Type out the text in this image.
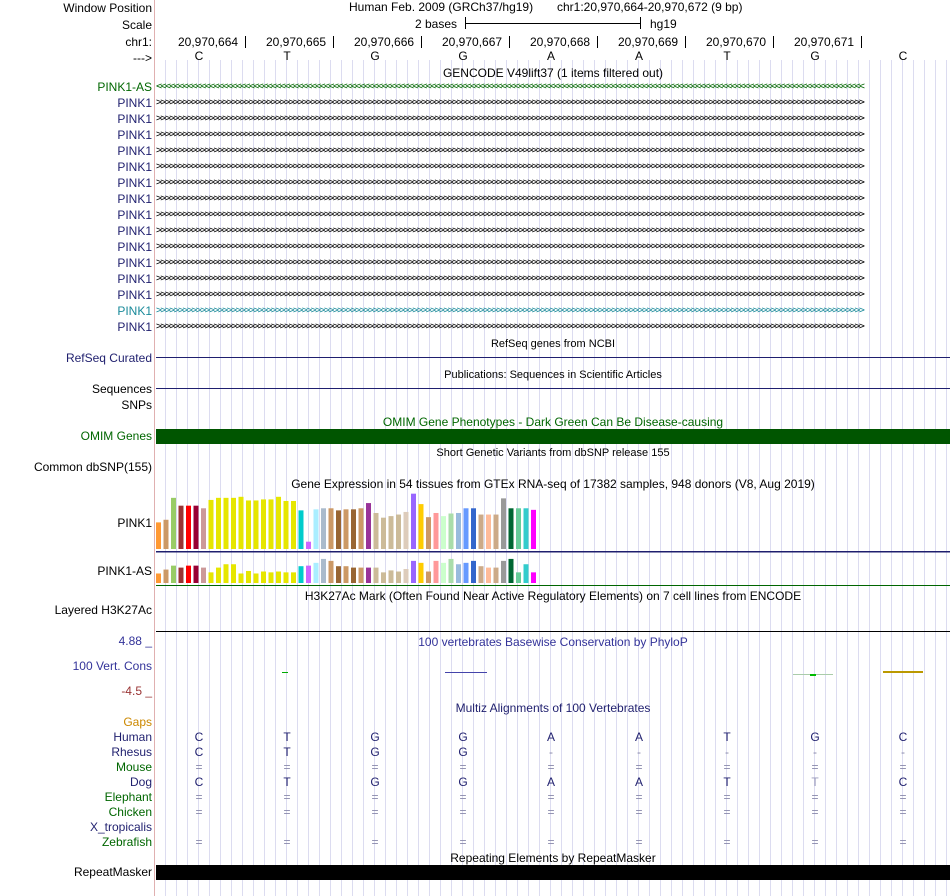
Window Position
Scale
chr1:
--->
Human Feb. 2009 (GRCh37/hg19) chr1:20,970,664-20,970,672 (9 bp)
2 bases	hg19
20,970,664 20,970,665 20,970,666 20,970,667 20,970,668 20,970,669 20,970,670 20,970,671
C	T	G	G	A	A	T	G	C
GENCODE V49lift37 (1 items filtered out)
PINK1-AS <<<<<<<<<<<<<<<<<<<<<<<<<<<<<<<<<<<<<<<<<<<<<<<<<<<<<<<<<<<<<<<<<<<<<<<<<<<<<<<<<<<<<<<<<<<<<<<<<<<<<<<<<<<<<<<<<<<<<<<<<<<<<<<<<<<<<<<<<<<<<<<<<<<<<<<<<<<<<<<<
PINK1 >>>>>>>>>>>>>>>>>>>>>>>>>>>>>>>>>>>>>>>>>>>>>>>>>>>>>>>>>>>>>>>>>>>>>>>>>>>>>>>>>>>>>>>>>>>>>>>>>>>>>>>>>>>>>>>>>>>>>>>>>>>>>>>>>>>>>>>>>>>>>>>>>>>>>>>>>>>>>>>>
PINK1 >>>>>>>>>>>>>>>>>>>>>>>>>>>>>>>>>>>>>>>>>>>>>>>>>>>>>>>>>>>>>>>>>>>>>>>>>>>>>>>>>>>>>>>>>>>>>>>>>>>>>>>>>>>>>>>>>>>>>>>>>>>>>>>>>>>>>>>>>>>>>>>>>>>>>>>>>>>>>>>>
PINK1 >>>>>>>>>>>>>>>>>>>>>>>>>>>>>>>>>>>>>>>>>>>>>>>>>>>>>>>>>>>>>>>>>>>>>>>>>>>>>>>>>>>>>>>>>>>>>>>>>>>>>>>>>>>>>>>>>>>>>>>>>>>>>>>>>>>>>>>>>>>>>>>>>>>>>>>>>>>>>>>>
PINK1 >>>>>>>>>>>>>>>>>>>>>>>>>>>>>>>>>>>>>>>>>>>>>>>>>>>>>>>>>>>>>>>>>>>>>>>>>>>>>>>>>>>>>>>>>>>>>>>>>>>>>>>>>>>>>>>>>>>>>>>>>>>>>>>>>>>>>>>>>>>>>>>>>>>>>>>>>>>>>>>>
PINK1 >>>>>>>>>>>>>>>>>>>>>>>>>>>>>>>>>>>>>>>>>>>>>>>>>>>>>>>>>>>>>>>>>>>>>>>>>>>>>>>>>>>>>>>>>>>>>>>>>>>>>>>>>>>>>>>>>>>>>>>>>>>>>>>>>>>>>>>>>>>>>>>>>>>>>>>>>>>>>>>>
PINK1 >>>>>>>>>>>>>>>>>>>>>>>>>>>>>>>>>>>>>>>>>>>>>>>>>>>>>>>>>>>>>>>>>>>>>>>>>>>>>>>>>>>>>>>>>>>>>>>>>>>>>>>>>>>>>>>>>>>>>>>>>>>>>>>>>>>>>>>>>>>>>>>>>>>>>>>>>>>>>>>>
PINK1 >>>>>>>>>>>>>>>>>>>>>>>>>>>>>>>>>>>>>>>>>>>>>>>>>>>>>>>>>>>>>>>>>>>>>>>>>>>>>>>>>>>>>>>>>>>>>>>>>>>>>>>>>>>>>>>>>>>>>>>>>>>>>>>>>>>>>>>>>>>>>>>>>>>>>>>>>>>>>>>>
PINK1 >>>>>>>>>>>>>>>>>>>>>>>>>>>>>>>>>>>>>>>>>>>>>>>>>>>>>>>>>>>>>>>>>>>>>>>>>>>>>>>>>>>>>>>>>>>>>>>>>>>>>>>>>>>>>>>>>>>>>>>>>>>>>>>>>>>>>>>>>>>>>>>>>>>>>>>>>>>>>>>>
PINK1 >>>>>>>>>>>>>>>>>>>>>>>>>>>>>>>>>>>>>>>>>>>>>>>>>>>>>>>>>>>>>>>>>>>>>>>>>>>>>>>>>>>>>>>>>>>>>>>>>>>>>>>>>>>>>>>>>>>>>>>>>>>>>>>>>>>>>>>>>>>>>>>>>>>>>>>>>>>>>>>>
PINK1 >>>>>>>>>>>>>>>>>>>>>>>>>>>>>>>>>>>>>>>>>>>>>>>>>>>>>>>>>>>>>>>>>>>>>>>>>>>>>>>>>>>>>>>>>>>>>>>>>>>>>>>>>>>>>>>>>>>>>>>>>>>>>>>>>>>>>>>>>>>>>>>>>>>>>>>>>>>>>>>>
PINK1 >>>>>>>>>>>>>>>>>>>>>>>>>>>>>>>>>>>>>>>>>>>>>>>>>>>>>>>>>>>>>>>>>>>>>>>>>>>>>>>>>>>>>>>>>>>>>>>>>>>>>>>>>>>>>>>>>>>>>>>>>>>>>>>>>>>>>>>>>>>>>>>>>>>>>>>>>>>>>>>>
PINK1 >>>>>>>>>>>>>>>>>>>>>>>>>>>>>>>>>>>>>>>>>>>>>>>>>>>>>>>>>>>>>>>>>>>>>>>>>>>>>>>>>>>>>>>>>>>>>>>>>>>>>>>>>>>>>>>>>>>>>>>>>>>>>>>>>>>>>>>>>>>>>>>>>>>>>>>>>>>>>>>>
PINK1 >>>>>>>>>>>>>>>>>>>>>>>>>>>>>>>>>>>>>>>>>>>>>>>>>>>>>>>>>>>>>>>>>>>>>>>>>>>>>>>>>>>>>>>>>>>>>>>>>>>>>>>>>>>>>>>>>>>>>>>>>>>>>>>>>>>>>>>>>>>>>>>>>>>>>>>>>>>>>>>>
PINK1 >>>>>>>>>>>>>>>>>>>>>>>>>>>>>>>>>>>>>>>>>>>>>>>>>>>>>>>>>>>>>>>>>>>>>>>>>>>>>>>>>>>>>>>>>>>>>>>>>>>>>>>>>>>>>>>>>>>>>>>>>>>>>>>>>>>>>>>>>>>>>>>>>>>>>>>>>>>>>>>>
PINK1 >>>>>>>>>>>>>>>>>>>>>>>>>>>>>>>>>>>>>>>>>>>>>>>>>>>>>>>>>>>>>>>>>>>>>>>>>>>>>>>>>>>>>>>>>>>>>>>>>>>>>>>>>>>>>>>>>>>>>>>>>>>>>>>>>>>>>>>>>>>>>>>>>>>>>>>>>>>>>>>>
RefSeq genes from NCBI
RefSeq Curated
Publications: Sequences in Scientific Articles
Sequences
SNPs
OMIM Gene Phenotypes - Dark Green Can Be Disease-causing
OMIM Genes
Short Genetic Variants from dbSNP release 155
Common dbSNP(155)
Gene Expression in 54 tissues from GTEx RNA-seq of 17382 samples, 948 donors (V8, Aug 2019)
PINK1
PINK1-AS
H3K27Ac Mark (Often Found Near Active Regulatory Elements) on 7 cell lines from ENCODE
Layered H3K27Ac
4.88 _	100 vertebrates Basewise Conservation by PhyloP
100 Vert. Cons
-4.5 _
Multiz Alignments of 100 Vertebrates
Gaps
Human	C	T	G	G	A	A	T	G	C
Rhesus	C	T	G	G	-	-	-	-	-
Mouse	=	=	=	=	=	=	=	=	=
Dog	C	T	G	G	A	A	T	T	C
Elephant	=	=	=	=	=	=	=	=	=
Chicken	=	=	=	=	=	=	=	=	=
X_tropicalis
Zebrafish	=	=	=	=	=	=	=	=	=
Repeating Elements by RepeatMasker
RepeatMasker
